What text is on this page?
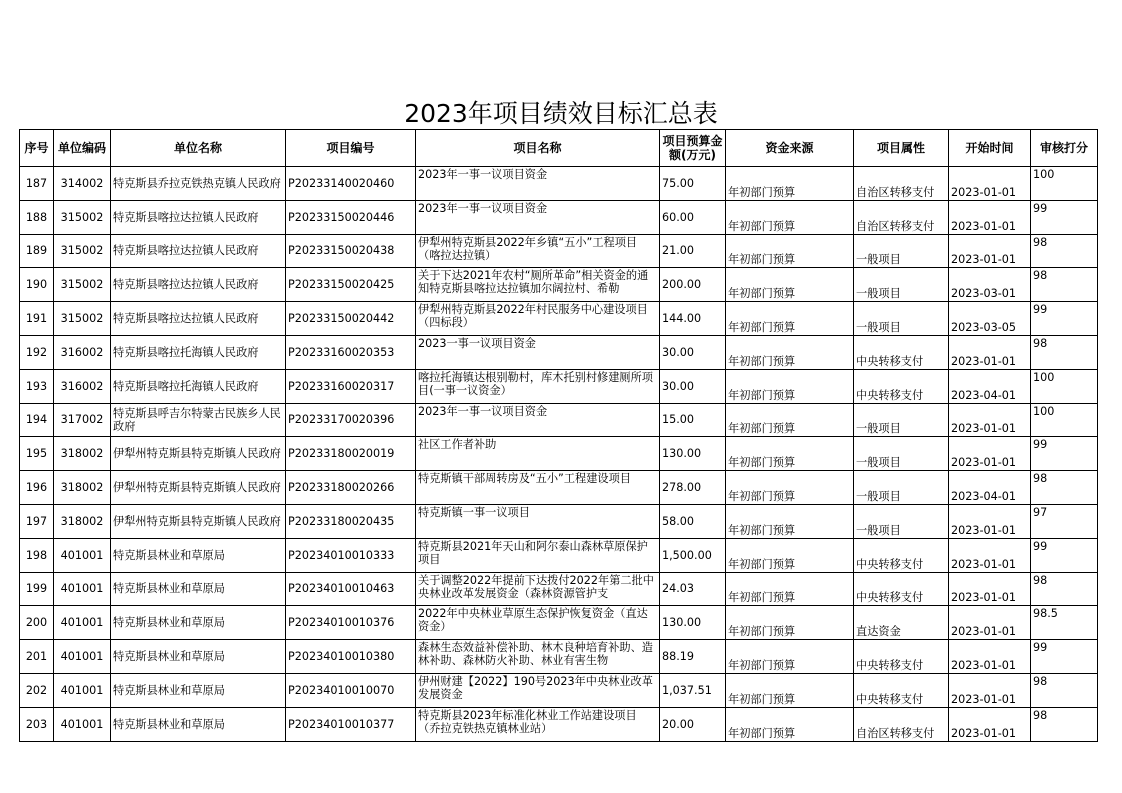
2023年项目绩效目标汇总表
序号	单位编码	单位名称	项目编号	项目名称	项目预算金额(万元)	资金来源	项目属性	开始时间	审核打分
187	314002	特克斯县乔拉克铁热克镇人民政府	P20233140020460	2023年一事一议项目资金	75.00	年初部门预算	自治区转移支付	2023-01-01	100
188	315002	特克斯县喀拉达拉镇人民政府	P20233150020446	2023年一事一议项目资金	60.00	年初部门预算	自治区转移支付	2023-01-01	99
189	315002	特克斯县喀拉达拉镇人民政府	P20233150020438	伊犁州特克斯县2022年乡镇“五小”工程项目（喀拉达拉镇）	21.00	年初部门预算	一般项目	2023-01-01	98
190	315002	特克斯县喀拉达拉镇人民政府	P20233150020425	关于下达2021年农村“厕所革命”相关资金的通知特克斯县喀拉达拉镇加尔阔拉村、希勒	200.00	年初部门预算	一般项目	2023-03-01	98
191	315002	特克斯县喀拉达拉镇人民政府	P20233150020442	伊犁州特克斯县2022年村民服务中心建设项目（四标段）	144.00	年初部门预算	一般项目	2023-03-05	99
192	316002	特克斯县喀拉托海镇人民政府	P20233160020353	2023一事一议项目资金	30.00	年初部门预算	中央转移支付	2023-01-01	98
193	316002	特克斯县喀拉托海镇人民政府	P20233160020317	喀拉托海镇达根别勒村，库木托别村修建厕所项目(一事一议资金）	30.00	年初部门预算	中央转移支付	2023-04-01	100
194	317002	特克斯县呼吉尔特蒙古民族乡人民政府	P20233170020396	2023年一事一议项目资金	15.00	年初部门预算	一般项目	2023-01-01	100
195	318002	伊犁州特克斯县特克斯镇人民政府	P20233180020019	社区工作者补助	130.00	年初部门预算	一般项目	2023-01-01	99
196	318002	伊犁州特克斯县特克斯镇人民政府	P20233180020266	特克斯镇干部周转房及“五小”工程建设项目	278.00	年初部门预算	一般项目	2023-04-01	98
197	318002	伊犁州特克斯县特克斯镇人民政府	P20233180020435	特克斯镇一事一议项目	58.00	年初部门预算	一般项目	2023-01-01	97
198	401001	特克斯县林业和草原局	P20234010010333	特克斯县2021年天山和阿尔泰山森林草原保护项目	1,500.00	年初部门预算	中央转移支付	2023-01-01	99
199	401001	特克斯县林业和草原局	P20234010010463	关于调整2022年提前下达拨付2022年第二批中央林业改革发展资金（森林资源管护支	24.03	年初部门预算	中央转移支付	2023-01-01	98
200	401001	特克斯县林业和草原局	P20234010010376	2022年中央林业草原生态保护恢复资金（直达资金）	130.00	年初部门预算	直达资金	2023-01-01	98.5
201	401001	特克斯县林业和草原局	P20234010010380	森林生态效益补偿补助、林木良种培育补助、造林补助、森林防火补助、林业有害生物	88.19	年初部门预算	中央转移支付	2023-01-01	99
202	401001	特克斯县林业和草原局	P20234010010070	伊州财建【2022】190号2023年中央林业改革发展资金	1,037.51	年初部门预算	中央转移支付	2023-01-01	98
203	401001	特克斯县林业和草原局	P20234010010377	特克斯县2023年标准化林业工作站建设项目（乔拉克铁热克镇林业站）	20.00	年初部门预算	自治区转移支付	2023-01-01	98
